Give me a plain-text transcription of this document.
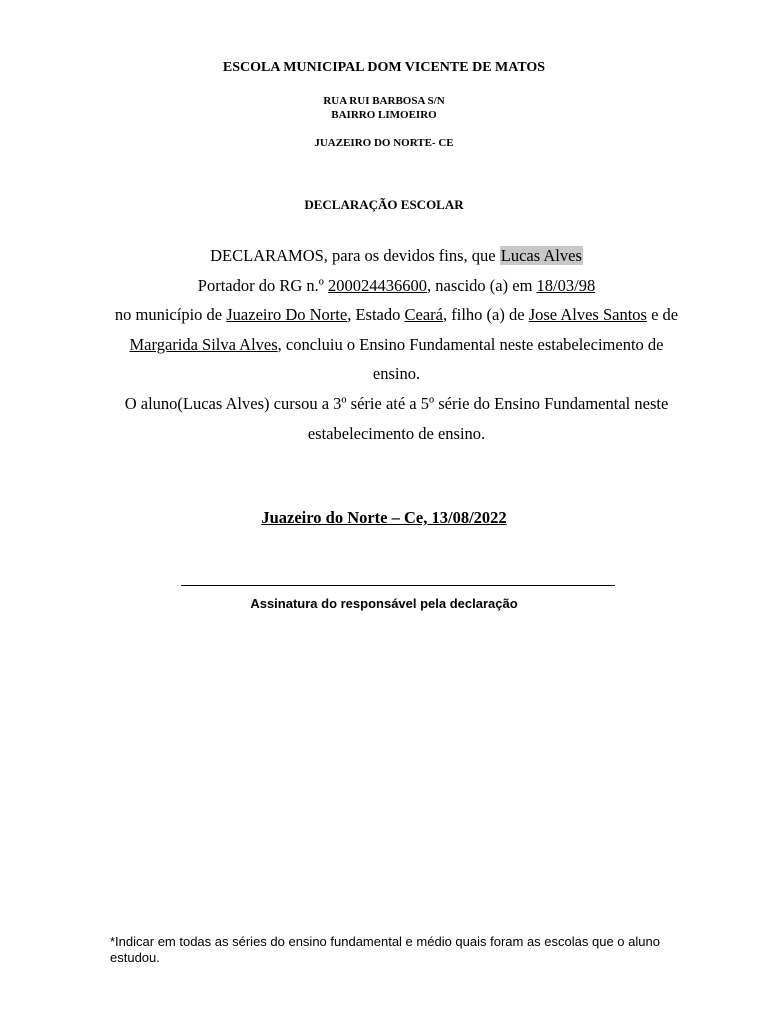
ESCOLA MUNICIPAL DOM VICENTE DE MATOS
RUA RUI BARBOSA S/N
BAIRRO LIMOEIRO
JUAZEIRO DO NORTE- CE
DECLARAÇÃO ESCOLAR
DECLARAMOS, para os devidos fins, que Lucas Alves
Portador do RG n.º 200024436600, nascido (a) em 18/03/98
no município de Juazeiro Do Norte, Estado Ceará, filho (a) de Jose Alves Santos e de Margarida Silva Alves, concluiu o Ensino Fundamental neste estabelecimento de ensino.
O aluno(Lucas Alves) cursou a 3º série até a 5º série do Ensino Fundamental neste estabelecimento de ensino.
Juazeiro do Norte – Ce, 13/08/2022
Assinatura do responsável pela declaração
*Indicar em todas as séries do ensino fundamental e médio quais foram as escolas que o aluno estudou.
